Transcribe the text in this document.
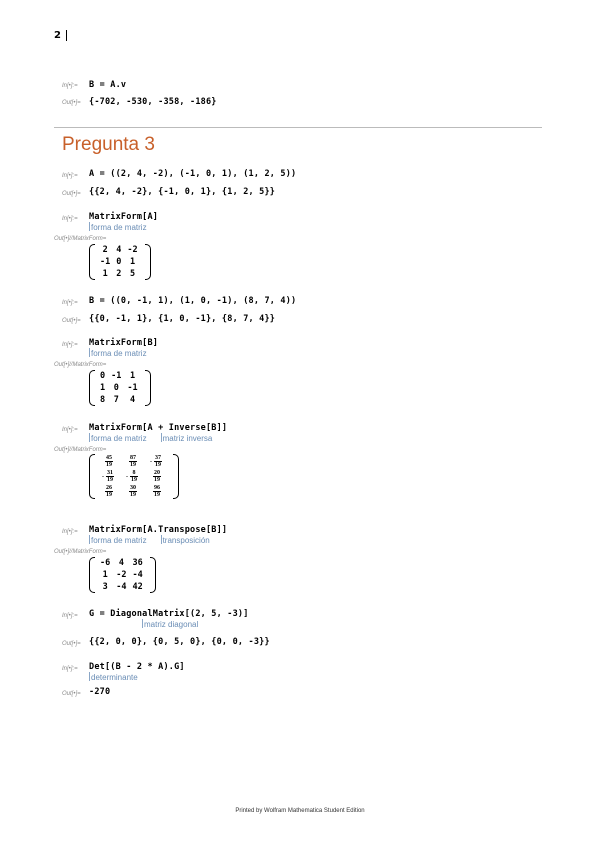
2
In[•]:= B = A.v
Out[•]= {-702, -530, -358, -186}
Pregunta 3
In[•]:= A = ((2, 4, -2), (-1, 0, 1), (1, 2, 5))
Out[•]= {{2, 4, -2}, {-1, 0, 1}, {1, 2, 5}}
In[•]:= MatrixForm[A]
forma de matriz
Out[•]//MatrixForm=
2	4	-2
-1	0	1
1	2	5
In[•]:= B = ((0, -1, 1), (1, 0, -1), (8, 7, 4))
Out[•]= {{0, -1, 1}, {1, 0, -1}, {8, 7, 4}}
In[•]:= MatrixForm[B]
forma de matriz
Out[•]//MatrixForm=
0	-1	1
1	0	-1
8	7	4
In[•]:= MatrixForm[A + Inverse[B]]
forma de matriz matriz inversa
Out[•]//MatrixForm=
$\frac{45}{19}$	$\frac{87}{19}$	- $\frac{37}{19}$

- $\frac{31}{19}$	- $\frac{8}{19}$	$\frac{20}{19}$

$\frac{26}{19}$	$\frac{30}{19}$	$\frac{96}{19}$
In[•]:= MatrixForm[A.Transpose[B]]
forma de matriz transposición
Out[•]//MatrixForm=
-6	4	36
1	-2	-4
3	-4	42
In[•]:= G = DiagonalMatrix[(2, 5, -3)]
matriz diagonal
Out[•]= {{2, 0, 0}, {0, 5, 0}, {0, 0, -3}}
In[•]:= Det[(B - 2 * A).G]
determinante
Out[•]= -270
Printed by Wolfram Mathematica Student Edition
